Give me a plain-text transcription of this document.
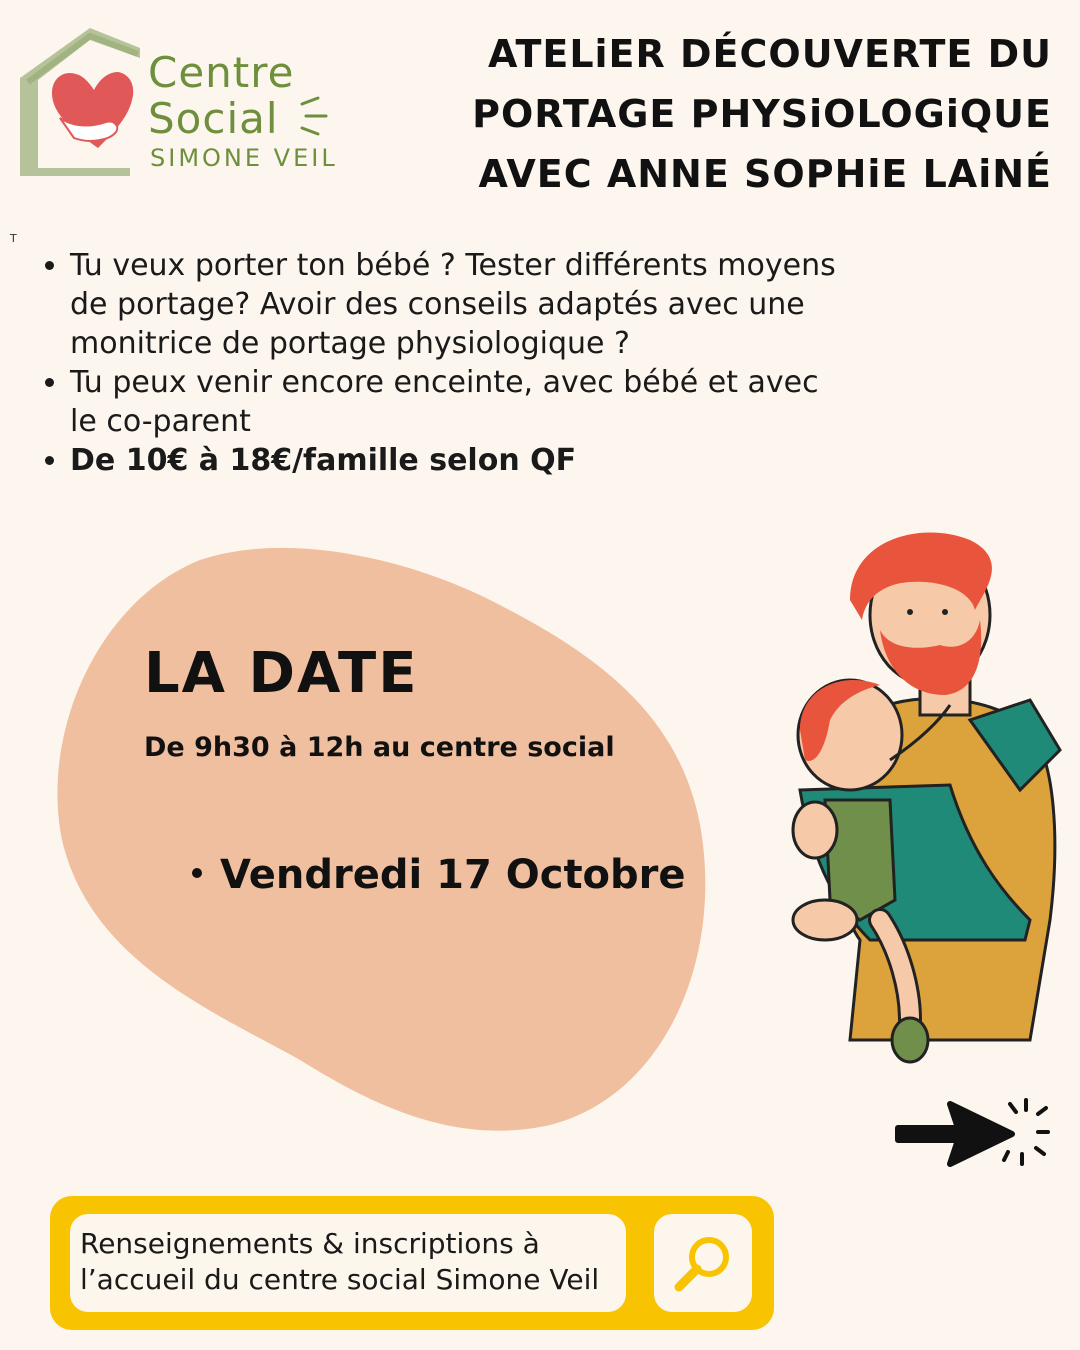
Centre
Social
SIMONE VEIL
ATELiER DÉCOUVERTE DU
PORTAGE PHYSiOLOGiQUE
AVEC ANNE SOPHiE LAiNÉ
T
• Tu veux porter ton bébé ? Tester différents moyens de portage? Avoir des conseils adaptés avec une monitrice de portage physiologique ?
• Tu peux venir encore enceinte, avec bébé et avec le co-parent
• De 10€ à 18€/famille selon QF
LA DATE
De 9h30 à 12h au centre social
Vendredi 17 Octobre
Renseignements & inscriptions à
l’accueil du centre social Simone Veil
